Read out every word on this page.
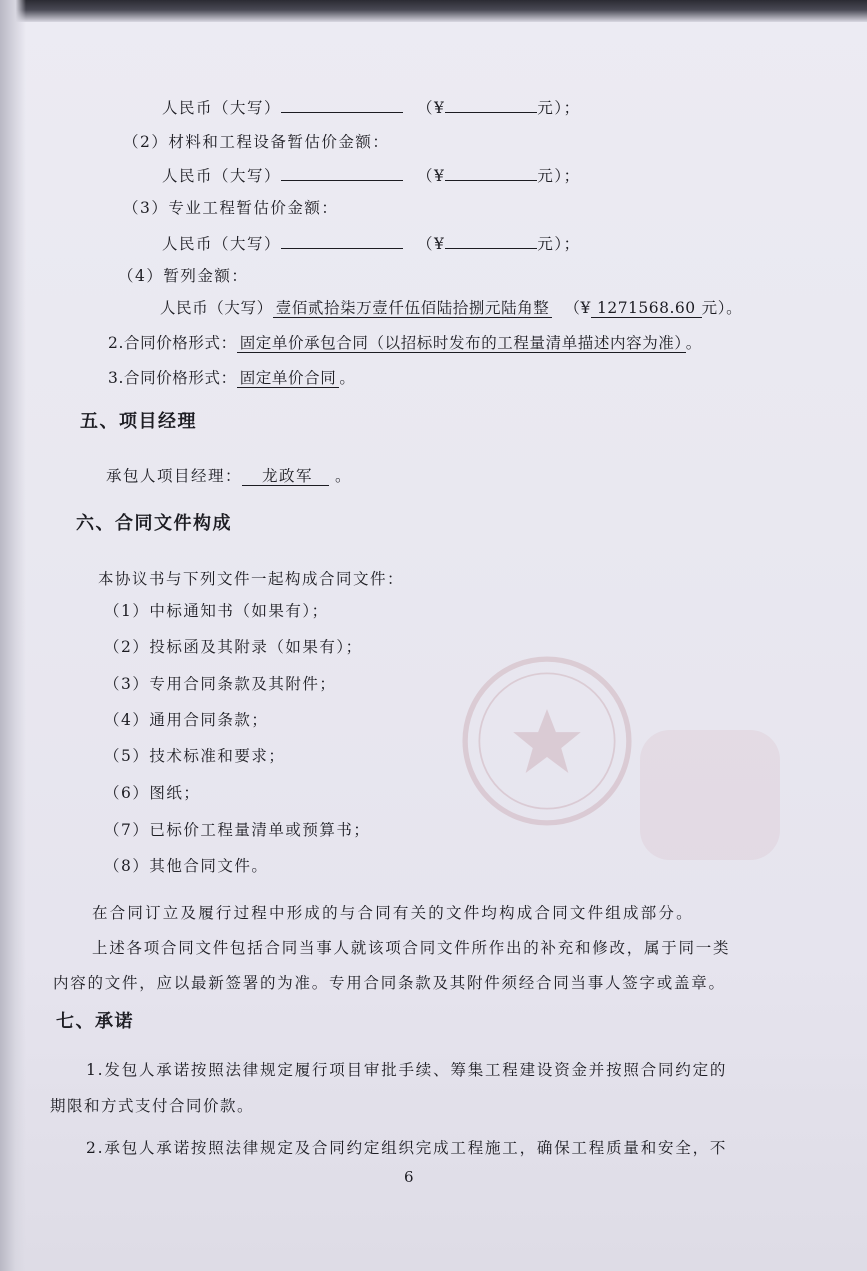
人民币（大写）	（¥	元）；
（2）材料和工程设备暂估价金额：
人民币（大写）	（¥	元）；
（3）专业工程暂估价金额：
人民币（大写）	（¥	元）；
（4）暂列金额：
人民币（大写） 壹佰贰拾柒万壹仟伍佰陆拾捌元陆角整 （¥ 1271568.60 元）。
2.合同价格形式： 固定单价承包合同（以招标时发布的工程量清单描述内容为准） 。
3.合同价格形式： 固定单价合同 。
五、项目经理
承包人项目经理： 龙政军 。
六、合同文件构成
本协议书与下列文件一起构成合同文件：
（1）中标通知书（如果有）；
（2）投标函及其附录（如果有）；
（3）专用合同条款及其附件；
（4）通用合同条款；
（5）技术标准和要求；
（6）图纸；
（7）已标价工程量清单或预算书；
（8）其他合同文件。
在合同订立及履行过程中形成的与合同有关的文件均构成合同文件组成部分。
上述各项合同文件包括合同当事人就该项合同文件所作出的补充和修改，属于同一类
内容的文件，应以最新签署的为准。专用合同条款及其附件须经合同当事人签字或盖章。
七、承诺
1.发包人承诺按照法律规定履行项目审批手续、筹集工程建设资金并按照合同约定的
期限和方式支付合同价款。
2.承包人承诺按照法律规定及合同约定组织完成工程施工，确保工程质量和安全，不
6
